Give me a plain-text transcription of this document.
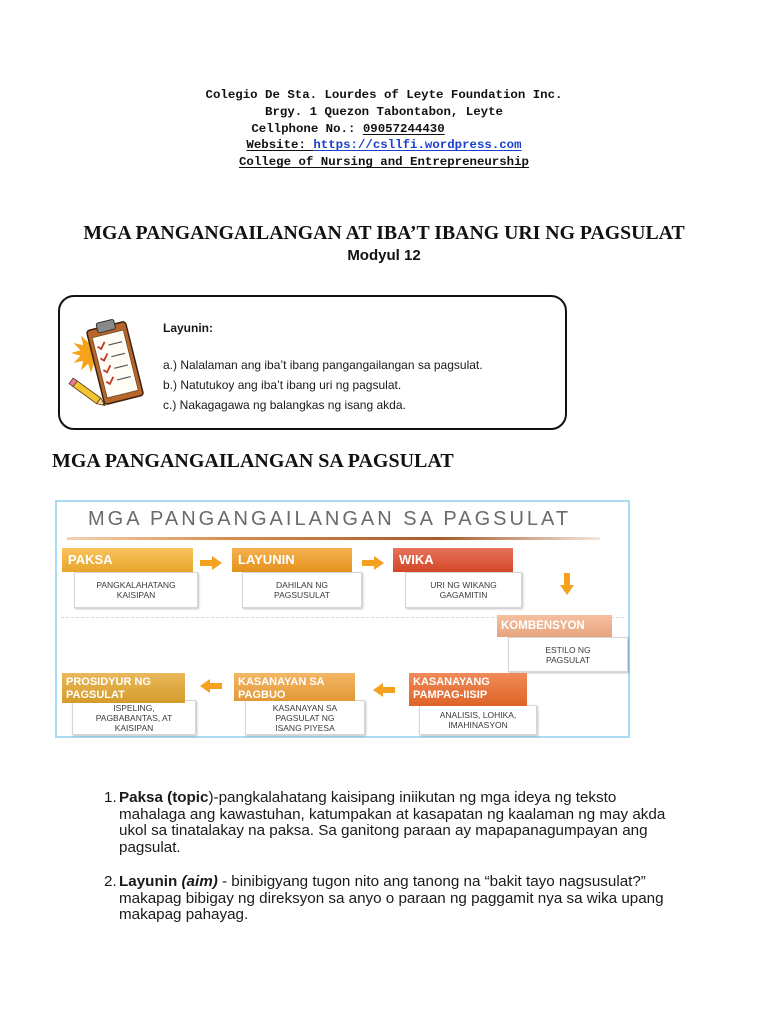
Colegio De Sta. Lourdes of Leyte Foundation Inc.
Brgy. 1 Quezon Tabontabon, Leyte
Cellphone No.: 09057244430
Website: https://csllfi.wordpress.com
College of Nursing and Entrepreneurship
MGA PANGANGAILANGAN AT IBA’T IBANG URI NG PAGSULAT
Modyul 12
Layunin:
a.) Nalalaman ang iba’t ibang pangangailangan sa pagsulat.
b.) Natutukoy ang iba’t ibang uri ng pagsulat.
c.) Nakagagawa ng balangkas ng isang akda.
MGA PANGANGAILANGAN SA PAGSULAT
MGA PANGANGAILANGAN SA PAGSULAT
PAKSA
PANGKALAHATANG
KAISIPAN
LAYUNIN
DAHILAN NG
PAGSUSULAT
WIKA
URI NG WIKANG
GAGAMITIN
KOMBENSYON
ESTILO NG
PAGSULAT
KASANAYANG
PAMPAG-IISIP
ANALISIS, LOHIKA,
IMAHINASYON
KASANAYAN SA
PAGBUO
KASANAYAN SA
PAGSULAT NG
ISANG PIYESA
PROSIDYUR NG
PAGSULAT
ISPELING,
PAGBABANTAS, AT
KAISIPAN
1. Paksa (topic)-pangkalahatang kaisipang iniikutan ng mga ideya ng teksto mahalaga ang kawastuhan, katumpakan at kasapatan ng kaalaman ng may akda ukol sa tinatalakay na paksa. Sa ganitong paraan ay mapapanagumpayan ang pagsulat.
2. Layunin (aim) - binibigyang tugon nito ang tanong na “bakit tayo nagsusulat?” makapag bibigay ng direksyon sa anyo o paraan ng paggamit nya sa wika upang makapag pahayag.
